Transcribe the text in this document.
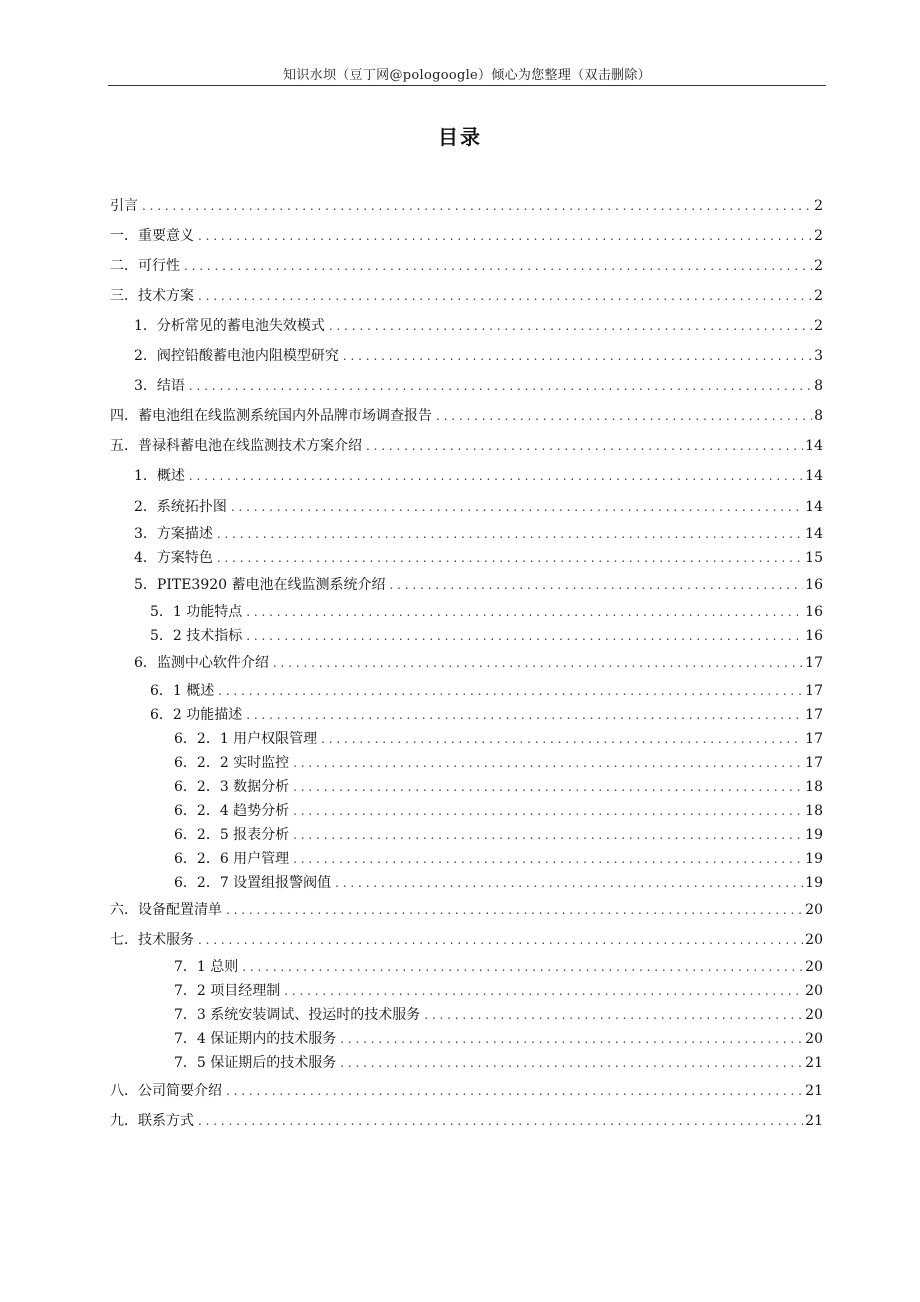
知识水坝（豆丁网@pologoogle）倾心为您整理（双击删除）
目录
引言 . . .	2
一．重要意义 . . .	2
二．可行性 . . .	2
三．技术方案 . . .	2
1．分析常见的蓄电池失效模式 . . .	2
2．阀控铅酸蓄电池内阻模型研究 . . .	3
3．结语 . . .	8
四．蓄电池组在线监测系统国内外品牌市场调查报告 . . .	8
五．普禄科蓄电池在线监测技术方案介绍 . . .	14
1．概述 . . .	14
2．系统拓扑图 . . .	14
3．方案描述 . . .	14
4．方案特色 . . .	15
5．PITE3920 蓄电池在线监测系统介绍 . . .	16
5．1 功能特点 . . .	16
5．2 技术指标 . . .	16
6．监测中心软件介绍 . . .	17
6．1 概述 . . .	17
6．2 功能描述 . . .	17
6．2．1 用户权限管理 . . .	17
6．2．2 实时监控 . . .	17
6．2．3 数据分析 . . .	18
6．2．4 趋势分析 . . .	18
6．2．5 报表分析 . . .	19
6．2．6 用户管理 . . .	19
6．2．7 设置组报警阀值 . . .	19
六．设备配置清单 . . .	20
七．技术服务 . . .	20
7．1 总则 . . .	20
7．2 项目经理制 . . .	20
7．3 系统安装调试、投运时的技术服务 . . .	20
7．4 保证期内的技术服务 . . .	20
7．5 保证期后的技术服务 . . .	21
八．公司简要介绍 . . .	21
九．联系方式 . . .	21
